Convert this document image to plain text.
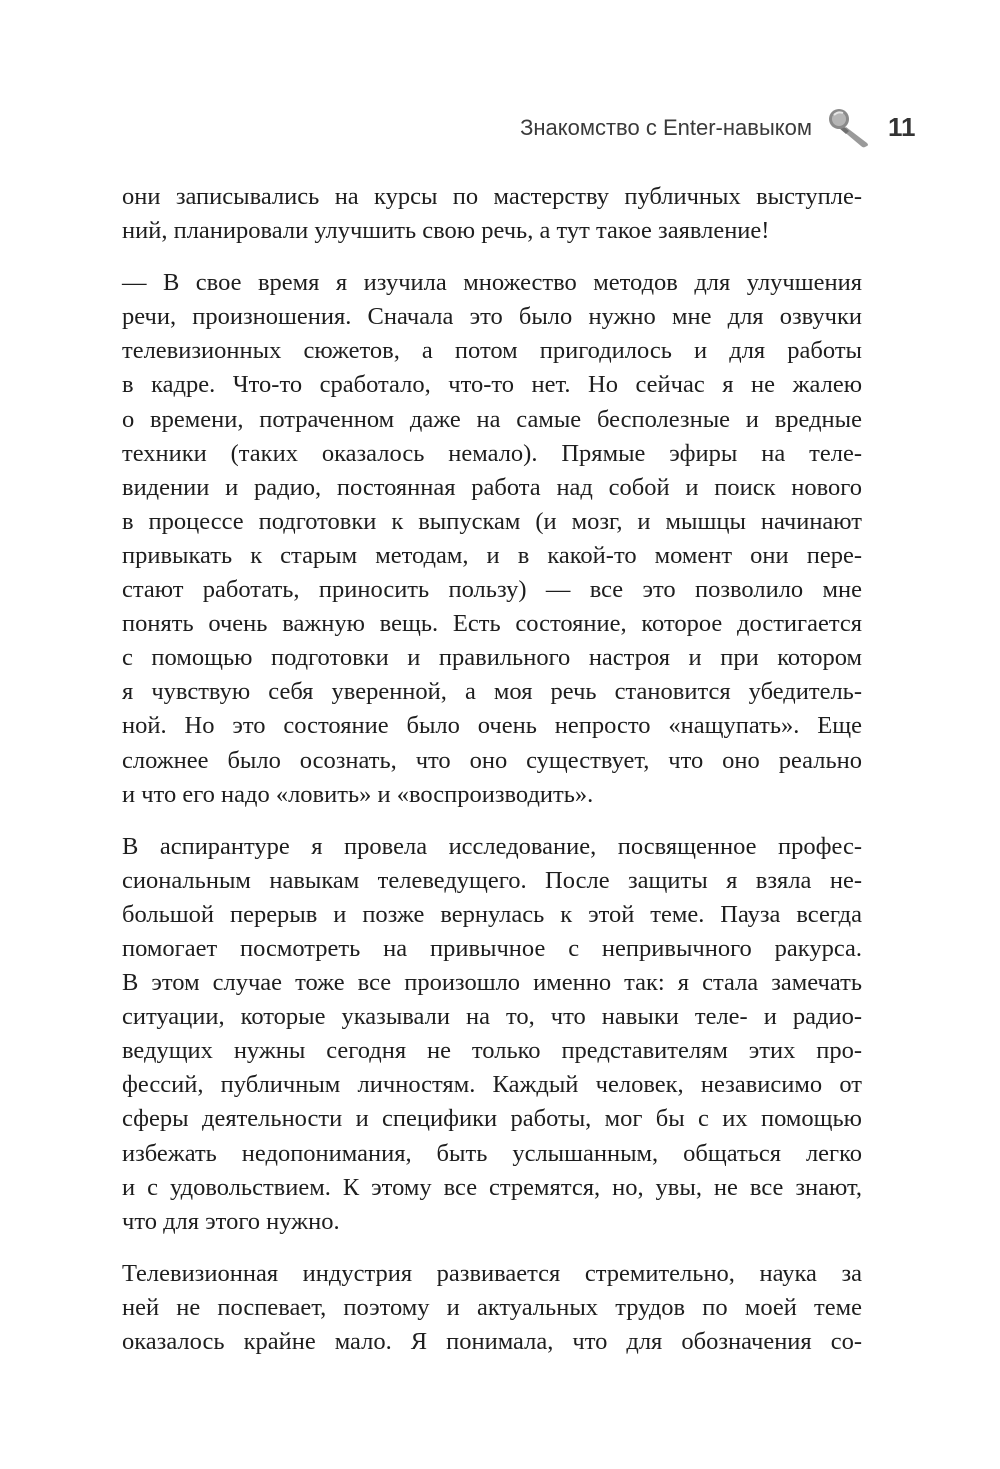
Знакомство с Enter-навыком	11

они записывались на курсы по мастерству публичных выступле-
ний, планировали улучшить свою речь, а тут такое заявление!

— В свое время я изучила множество методов для улучшения
речи, произношения. Сначала это было нужно мне для озвучки
телевизионных сюжетов, а потом пригодилось и для работы
в кадре. Что-то сработало, что-то нет. Но сейчас я не жалею
о времени, потраченном даже на самые бесполезные и вредные
техники (таких оказалось немало). Прямые эфиры на теле-
видении и радио, постоянная работа над собой и поиск нового
в процессе подготовки к выпускам (и мозг, и мышцы начинают
привыкать к старым методам, и в какой-то момент они пере-
стают работать, приносить пользу) — все это позволило мне
понять очень важную вещь. Есть состояние, которое достигается
с помощью подготовки и правильного настроя и при котором
я чувствую себя уверенной, а моя речь становится убедитель-
ной. Но это состояние было очень непросто «нащупать». Еще
сложнее было осознать, что оно существует, что оно реально
и что его надо «ловить» и «воспроизводить».

В аспирантуре я провела исследование, посвященное профес-
сиональным навыкам телеведущего. После защиты я взяла не-
большой перерыв и позже вернулась к этой теме. Пауза всегда
помогает посмотреть на привычное с непривычного ракурса.
В этом случае тоже все произошло именно так: я стала замечать
ситуации, которые указывали на то, что навыки теле- и радио-
ведущих нужны сегодня не только представителям этих про-
фессий, публичным личностям. Каждый человек, независимо от
сферы деятельности и специфики работы, мог бы с их помощью
избежать недопонимания, быть услышанным, общаться легко
и с удовольствием. К этому все стремятся, но, увы, не все знают,
что для этого нужно.

Телевизионная индустрия развивается стремительно, наука за
ней не поспевает, поэтому и актуальных трудов по моей теме
оказалось крайне мало. Я понимала, что для обозначения со-
